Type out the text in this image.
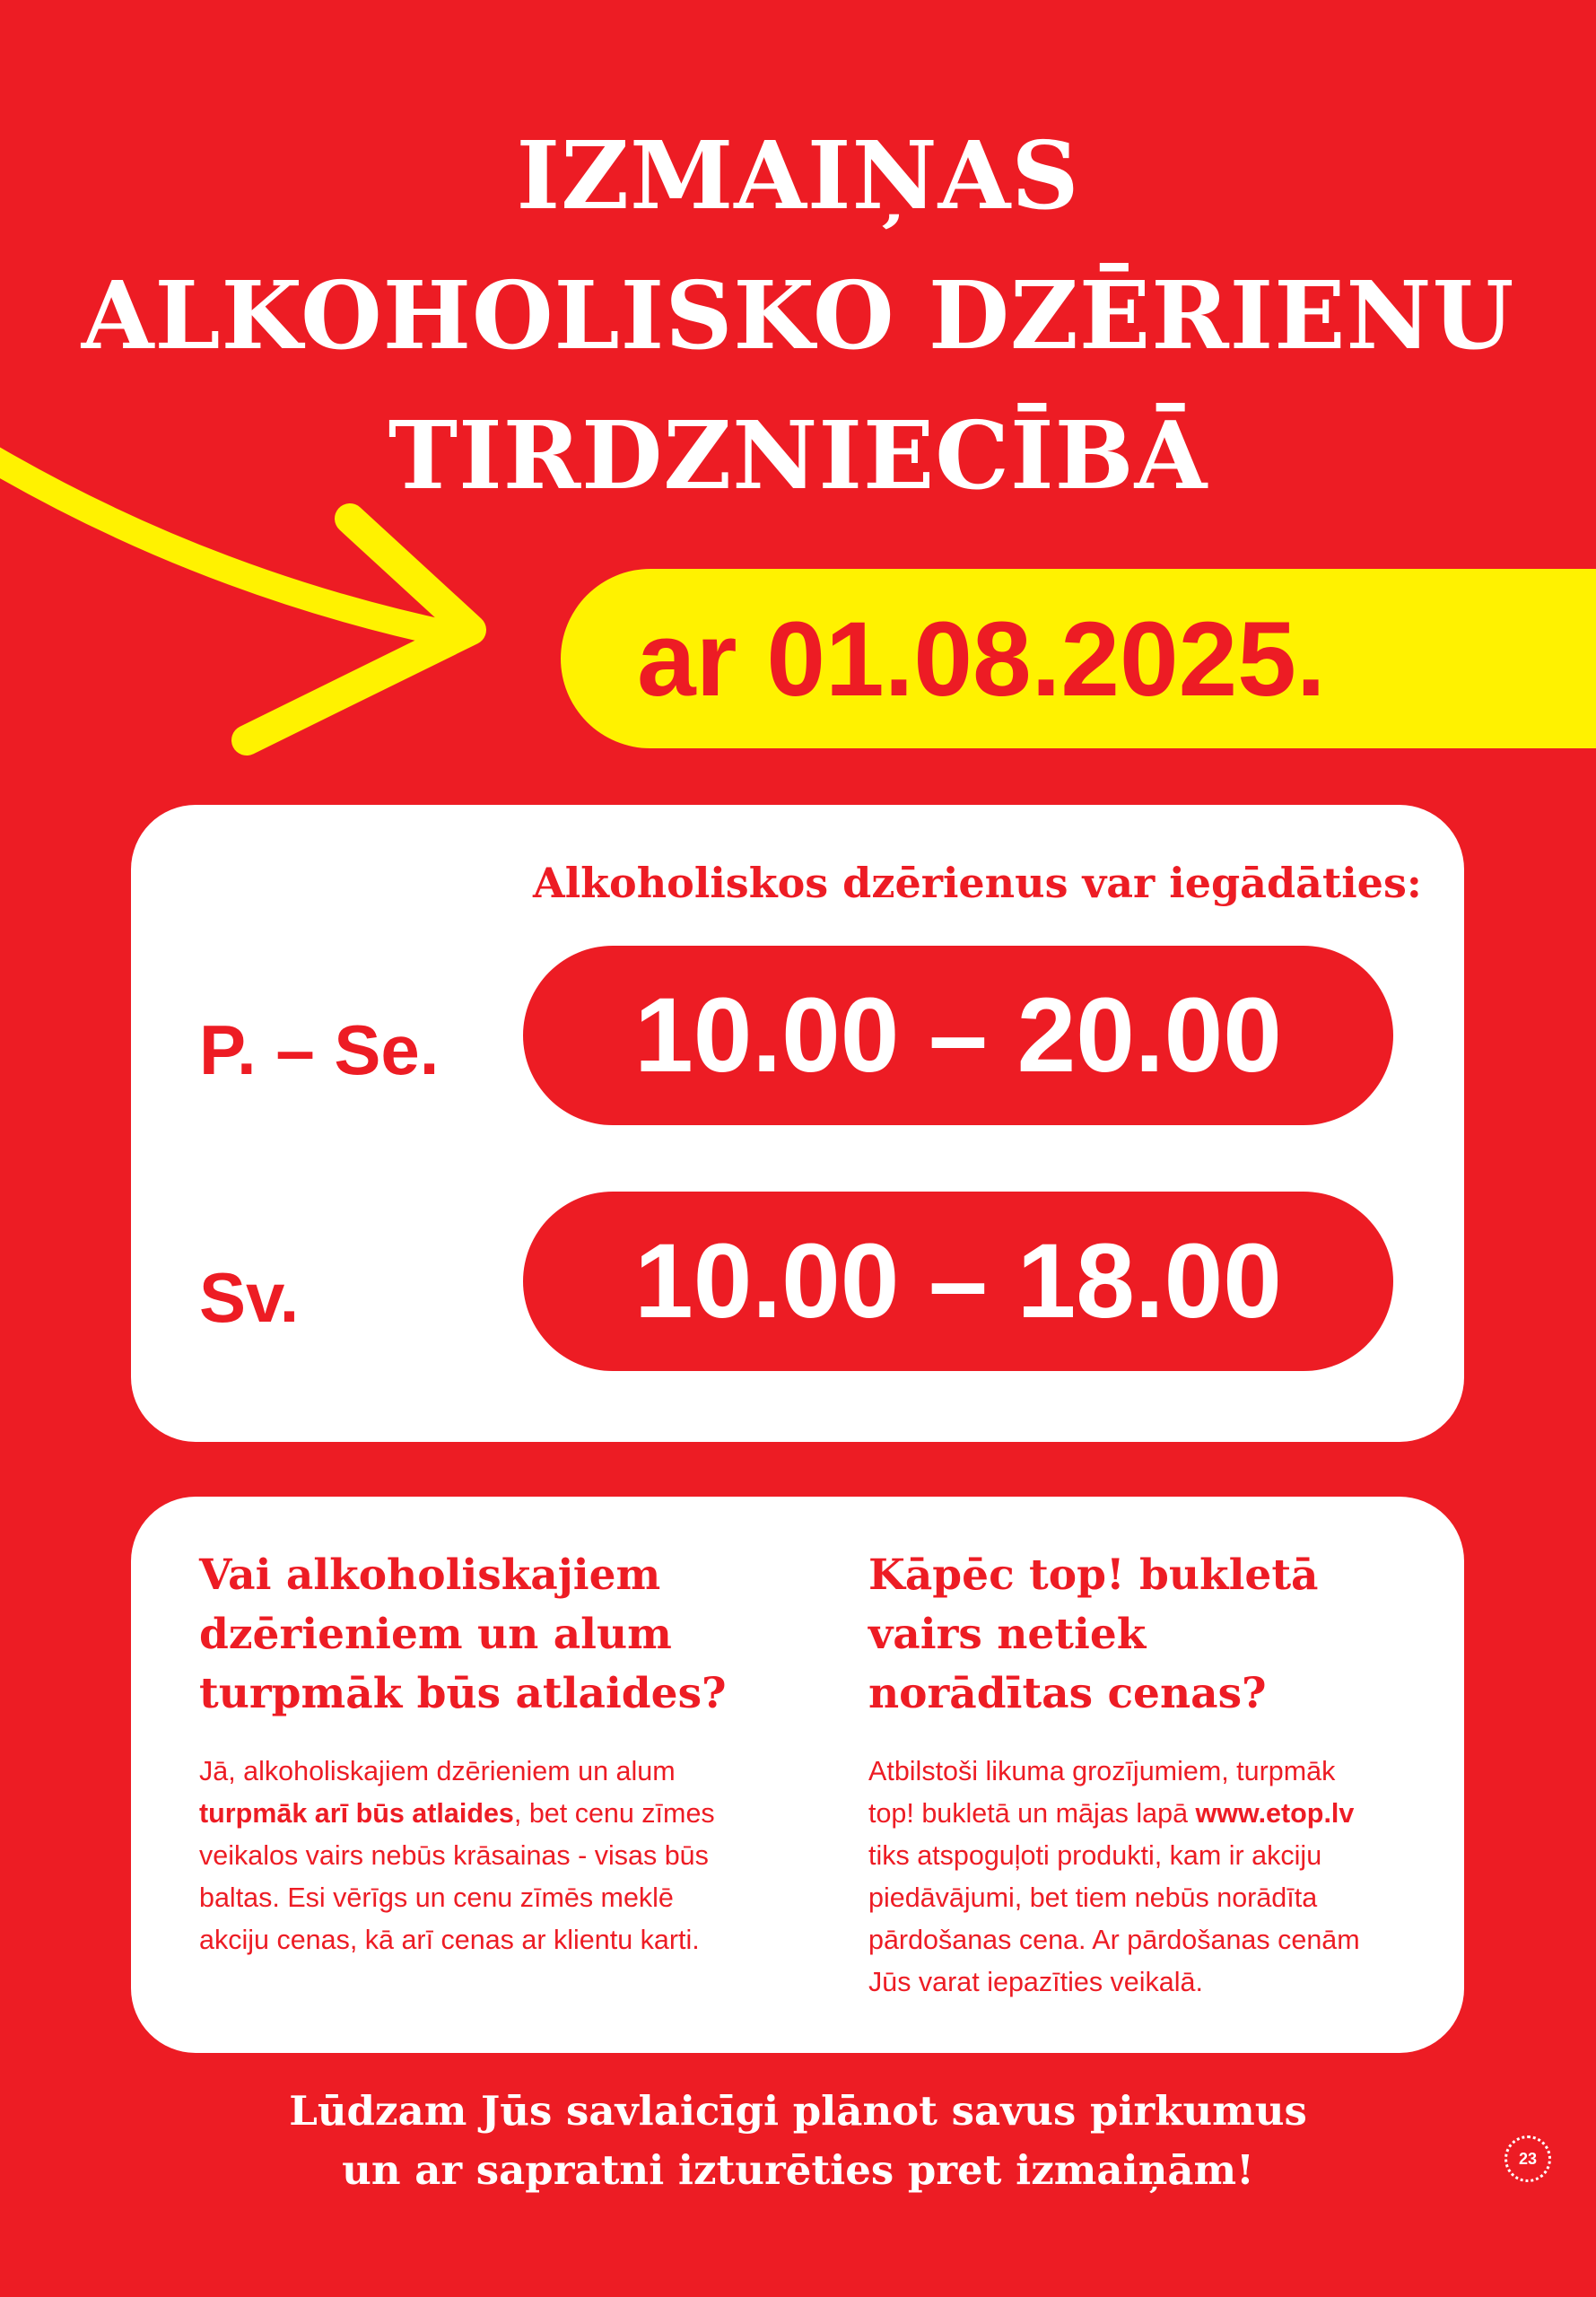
IZMAIŅAS
ALKOHOLISKO DZĒRIENU
TIRDZNIECĪBĀ
ar 01.08.2025.
Alkoholiskos dzērienus var iegādāties:
P. – Se.	10.00 – 20.00
Sv.	10.00 – 18.00
Vai alkoholiskajiem
dzērieniem un alum
turpmāk būs atlaides?
Jā, alkoholiskajiem dzērieniem un alum
turpmāk arī būs atlaides, bet cenu zīmes
veikalos vairs nebūs krāsainas - visas būs
baltas. Esi vērīgs un cenu zīmēs meklē
akciju cenas, kā arī cenas ar klientu karti.
Kāpēc top! bukletā
vairs netiek
norādītas cenas?
Atbilstoši likuma grozījumiem, turpmāk
top! bukletā un mājas lapā www.etop.lv
tiks atspoguļoti produkti, kam ir akciju
piedāvājumi, bet tiem nebūs norādīta
pārdošanas cena. Ar pārdošanas cenām
Jūs varat iepazīties veikalā.
Lūdzam Jūs savlaicīgi plānot savus pirkumus
un ar sapratni izturēties pret izmaiņām!	23
